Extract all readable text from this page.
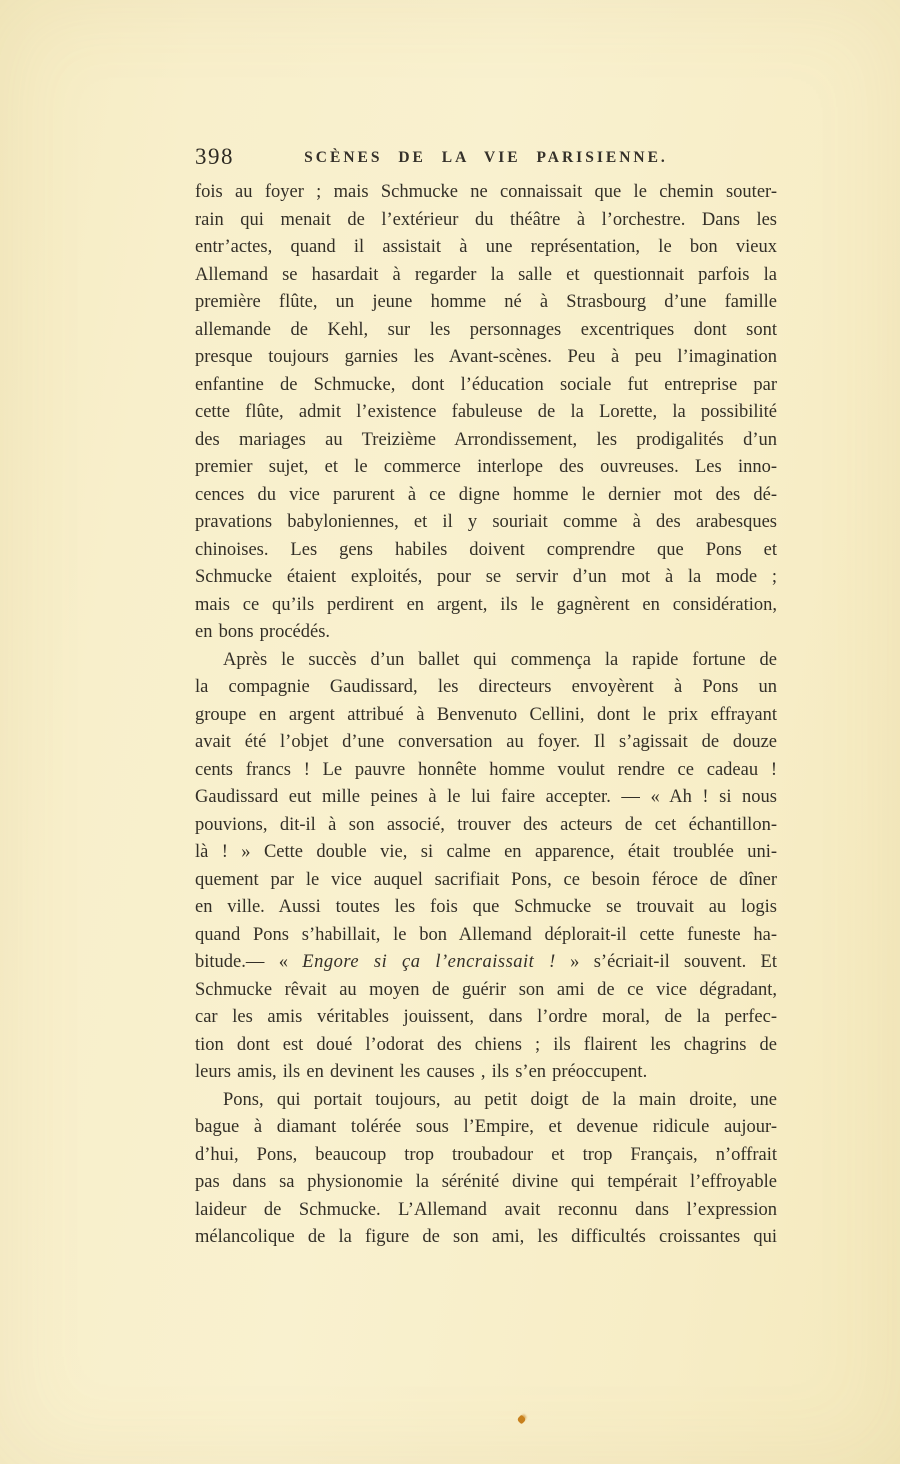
398	SCÈNES DE LA VIE PARISIENNE.
fois au foyer ; mais Schmucke ne connaissait que le chemin souter-
rain qui menait de l’extérieur du théâtre à l’orchestre. Dans les
entr’actes, quand il assistait à une représentation, le bon vieux
Allemand se hasardait à regarder la salle et questionnait parfois la
première flûte, un jeune homme né à Strasbourg d’une famille
allemande de Kehl, sur les personnages excentriques dont sont
presque toujours garnies les Avant-scènes. Peu à peu l’imagination
enfantine de Schmucke, dont l’éducation sociale fut entreprise par
cette flûte, admit l’existence fabuleuse de la Lorette, la possibilité
des mariages au Treizième Arrondissement, les prodigalités d’un
premier sujet, et le commerce interlope des ouvreuses. Les inno-
cences du vice parurent à ce digne homme le dernier mot des dé-
pravations babyloniennes, et il y souriait comme à des arabesques
chinoises. Les gens habiles doivent comprendre que Pons et
Schmucke étaient exploités, pour se servir d’un mot à la mode ;
mais ce qu’ils perdirent en argent, ils le gagnèrent en considération,
en bons procédés.
Après le succès d’un ballet qui commença la rapide fortune de
la compagnie Gaudissard, les directeurs envoyèrent à Pons un
groupe en argent attribué à Benvenuto Cellini, dont le prix effrayant
avait été l’objet d’une conversation au foyer. Il s’agissait de douze
cents francs ! Le pauvre honnête homme voulut rendre ce cadeau !
Gaudissard eut mille peines à le lui faire accepter. — « Ah ! si nous
pouvions, dit-il à son associé, trouver des acteurs de cet échantillon-
là ! » Cette double vie, si calme en apparence, était troublée uni-
quement par le vice auquel sacrifiait Pons, ce besoin féroce de dîner
en ville. Aussi toutes les fois que Schmucke se trouvait au logis
quand Pons s’habillait, le bon Allemand déplorait-il cette funeste ha-
bitude.— « Engore si ça l’encraissait ! » s’écriait-il souvent. Et
Schmucke rêvait au moyen de guérir son ami de ce vice dégradant,
car les amis véritables jouissent, dans l’ordre moral, de la perfec-
tion dont est doué l’odorat des chiens ; ils flairent les chagrins de
leurs amis, ils en devinent les causes , ils s’en préoccupent.
Pons, qui portait toujours, au petit doigt de la main droite, une
bague à diamant tolérée sous l’Empire, et devenue ridicule aujour-
d’hui, Pons, beaucoup trop troubadour et trop Français, n’offrait
pas dans sa physionomie la sérénité divine qui tempérait l’effroyable
laideur de Schmucke. L’Allemand avait reconnu dans l’expression
mélancolique de la figure de son ami, les difficultés croissantes qui
